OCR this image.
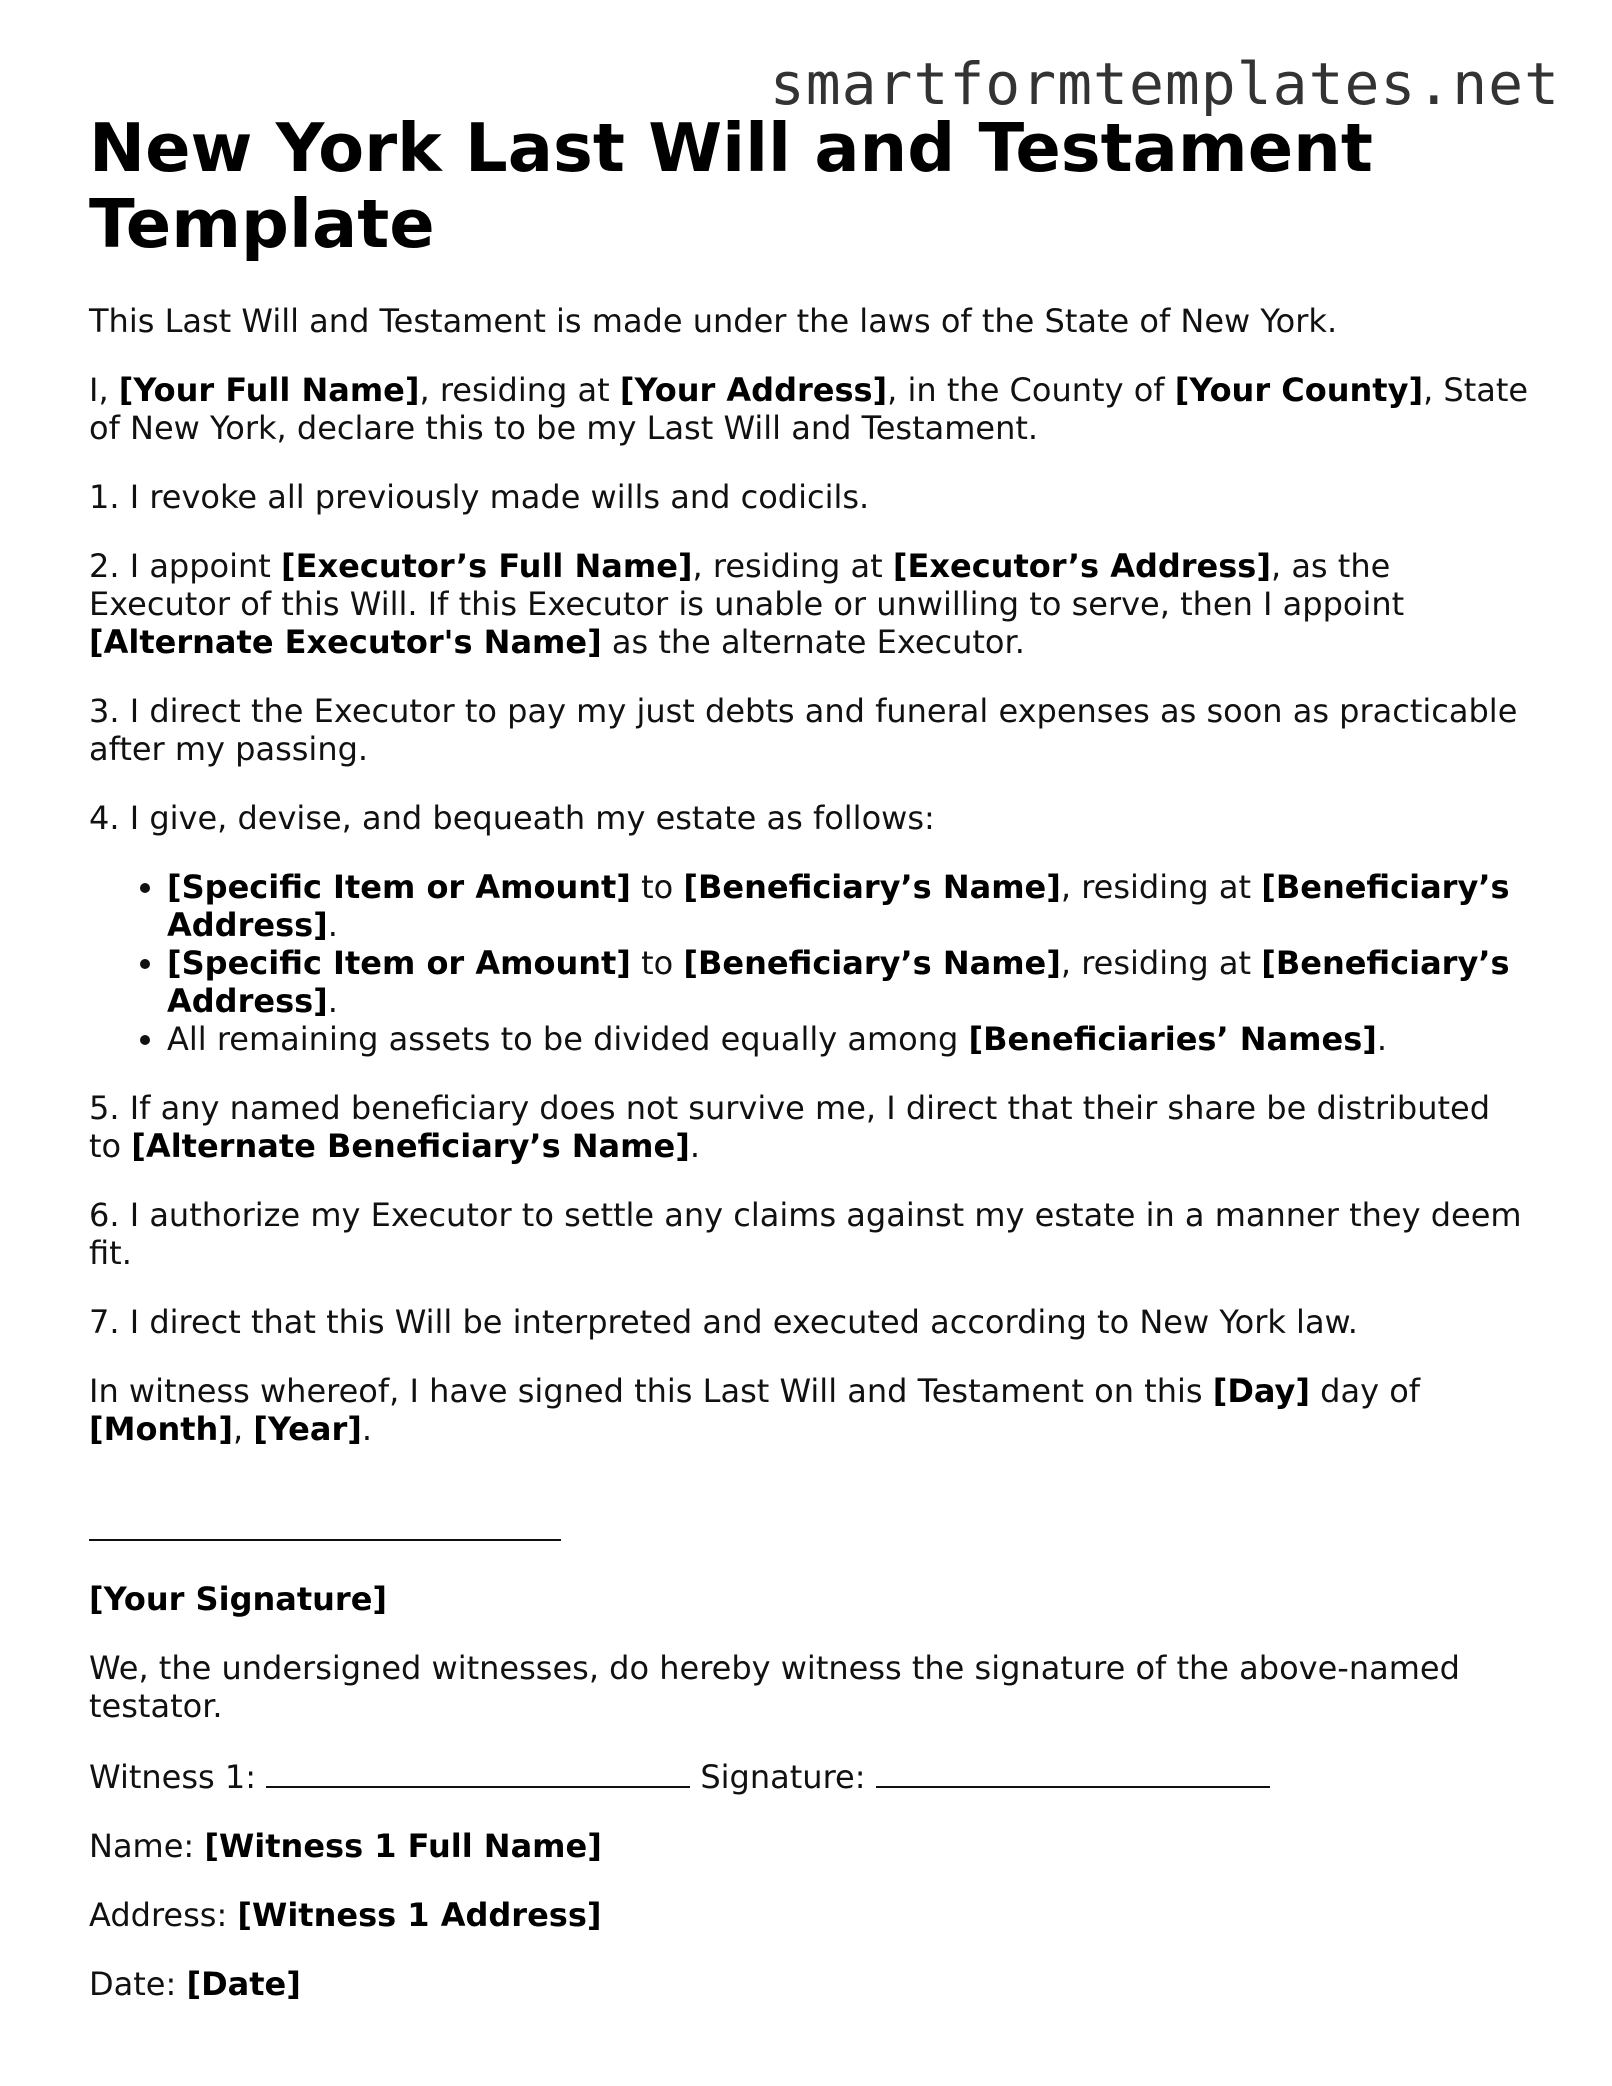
smartformtemplates.net
New York Last Will and Testament Template

This Last Will and Testament is made under the laws of the State of New York.

I, [Your Full Name], residing at [Your Address], in the County of [Your County], State of New York, declare this to be my Last Will and Testament.

1. I revoke all previously made wills and codicils.

2. I appoint [Executor’s Full Name], residing at [Executor’s Address], as the Executor of this Will. If this Executor is unable or unwilling to serve, then I appoint [Alternate Executor's Name] as the alternate Executor.

3. I direct the Executor to pay my just debts and funeral expenses as soon as practicable after my passing.

4. I give, devise, and bequeath my estate as follows:

• [Specific Item or Amount] to [Beneficiary’s Name], residing at [Beneficiary’s Address].
• [Specific Item or Amount] to [Beneficiary’s Name], residing at [Beneficiary’s Address].
• All remaining assets to be divided equally among [Beneficiaries’ Names].

5. If any named beneficiary does not survive me, I direct that their share be distributed to [Alternate Beneficiary’s Name].

6. I authorize my Executor to settle any claims against my estate in a manner they deem fit.

7. I direct that this Will be interpreted and executed according to New York law.

In witness whereof, I have signed this Last Will and Testament on this [Day] day of [Month], [Year].

[Your Signature]

We, the undersigned witnesses, do hereby witness the signature of the above-named testator.

Witness 1:	Signature:

Name: [Witness 1 Full Name]

Address: [Witness 1 Address]

Date: [Date]
